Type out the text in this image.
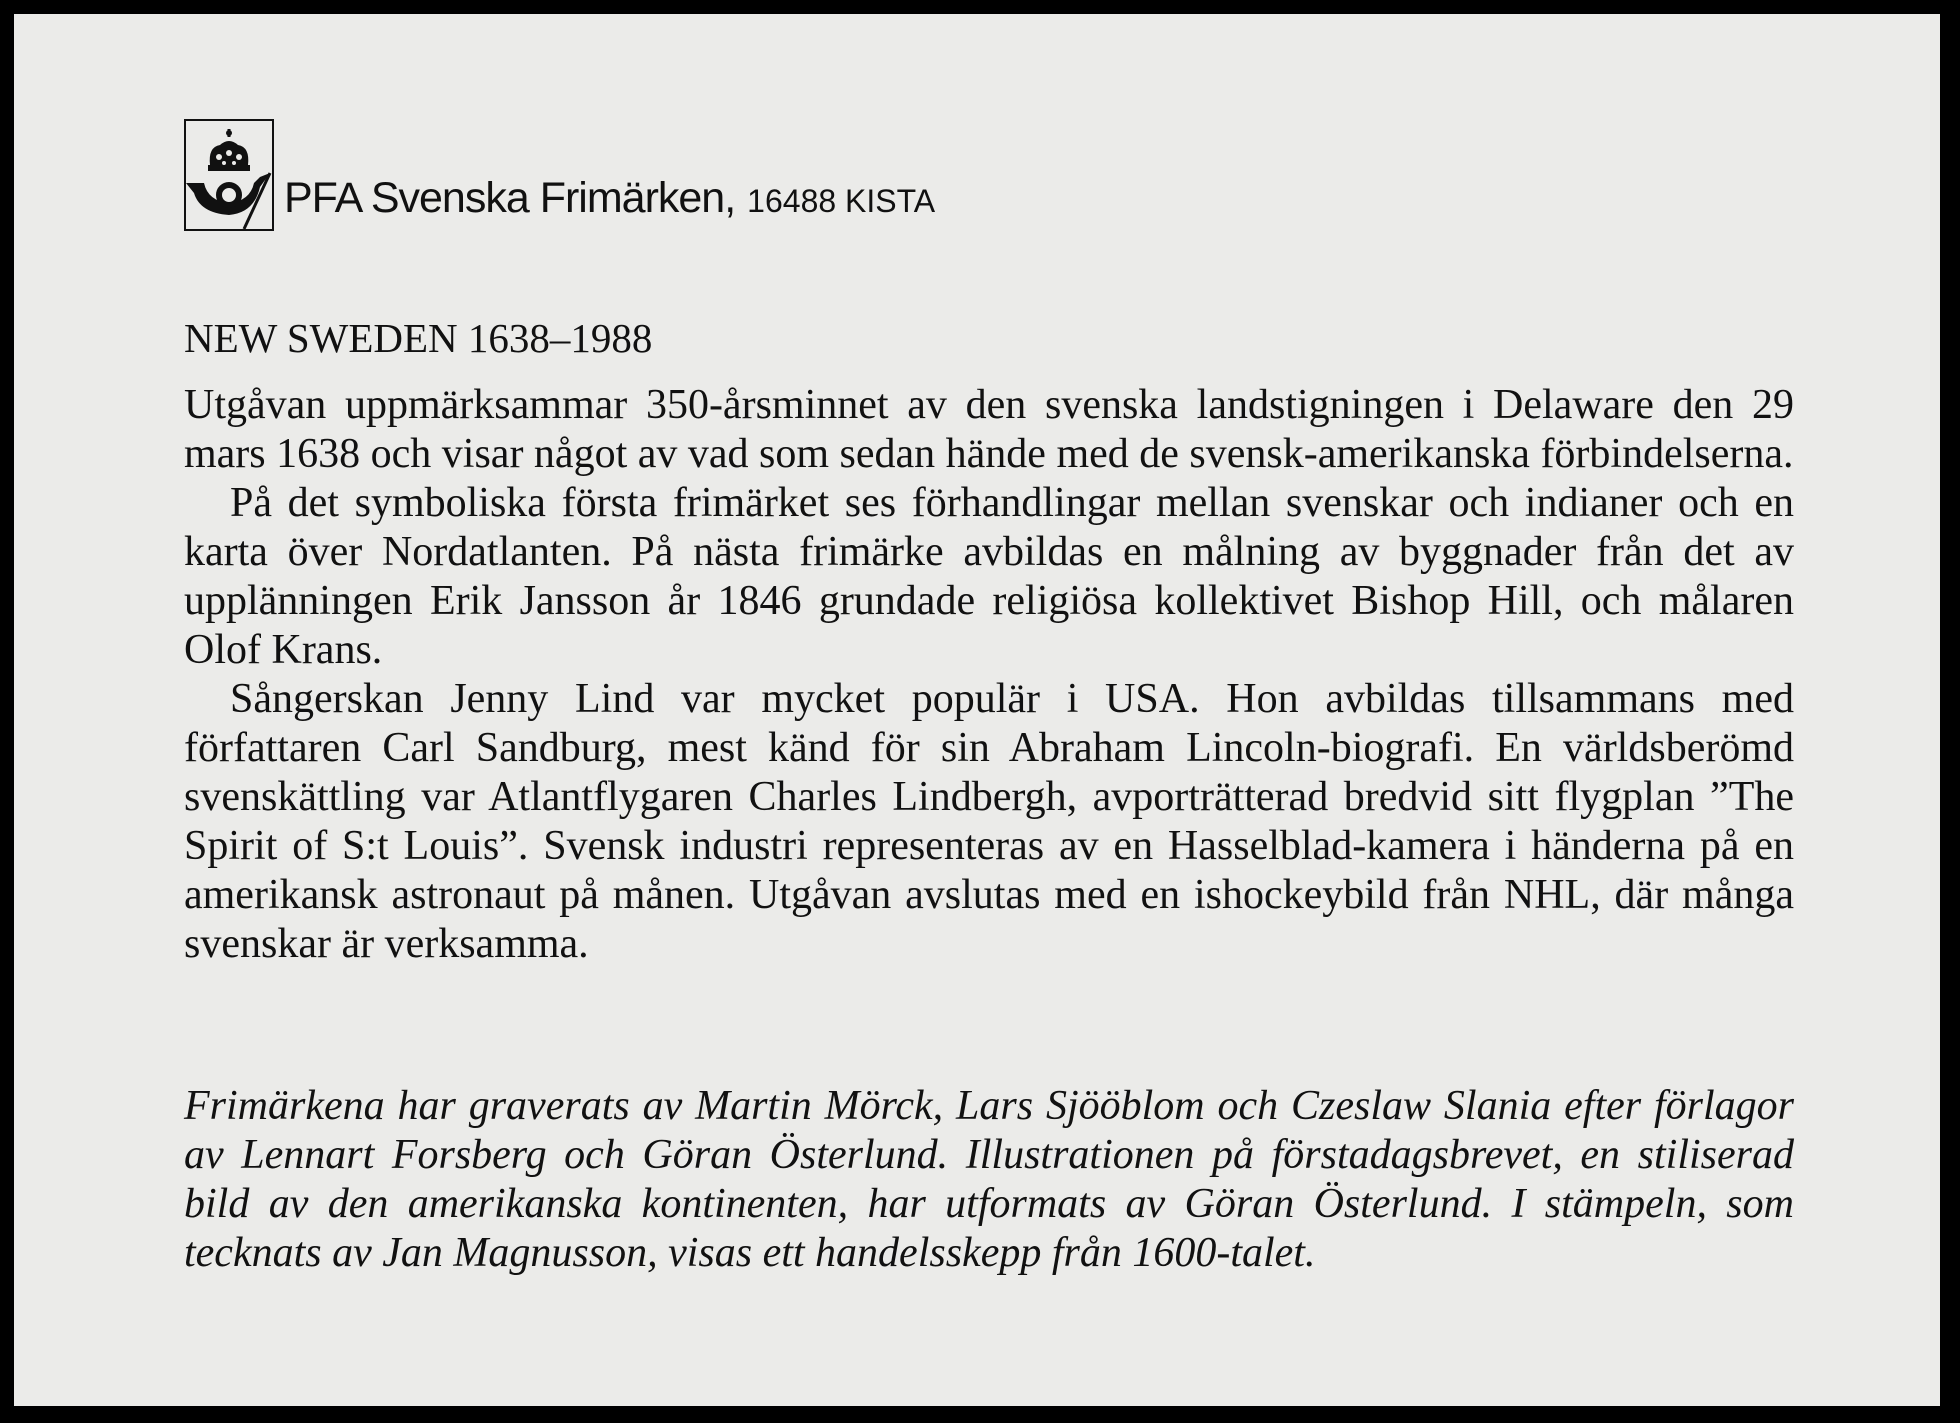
PFA Svenska Frimärken, 16488 KISTA
NEW SWEDEN 1638–1988

Utgåvan uppmärksammar 350-årsminnet av den svenska landstigningen i Delaware den 29 mars 1638 och visar något av vad som sedan hände med de svensk-amerikanska förbindelserna.

På det symboliska första frimärket ses förhandlingar mellan svenskar och indianer och en karta över Nordatlanten. På nästa frimärke avbildas en målning av byggnader från det av upplänningen Erik Jansson år 1846 grundade religiösa kollektivet Bishop Hill, och målaren Olof Krans.

Sångerskan Jenny Lind var mycket populär i USA. Hon avbildas tillsammans med författaren Carl Sandburg, mest känd för sin Abraham Lincoln-biografi. En världsberömd svenskättling var Atlantflygaren Charles Lindbergh, avporträtterad bredvid sitt flygplan ”The Spirit of S:t Louis”. Svensk industri representeras av en Hasselblad-kamera i händerna på en amerikansk astronaut på månen. Utgåvan avslutas med en ishockeybild från NHL, där många svenskar är verksamma.

Frimärkena har graverats av Martin Mörck, Lars Sjööblom och Czeslaw Slania efter förlagor av Lennart Forsberg och Göran Österlund. Illustrationen på förstadagsbrevet, en stiliserad bild av den amerikanska kontinenten, har utformats av Göran Österlund. I stämpeln, som tecknats av Jan Magnusson, visas ett handelsskepp från 1600-talet.
